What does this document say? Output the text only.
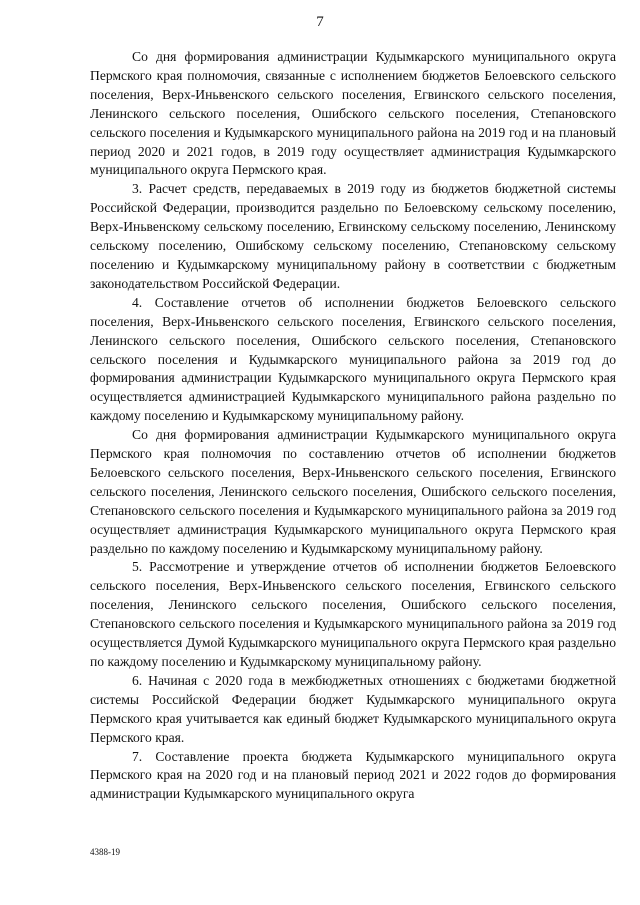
7

Со дня формирования администрации Кудымкарского муниципального округа Пермского края полномочия, связанные с исполнением бюджетов Белоевского сельского поселения, Верх-Иньвенского сельского поселения, Егвинского сельского поселения, Ленинского сельского поселения, Ошибского сельского поселения, Степановского сельского поселения и Кудымкарского муниципального района на 2019 год и на плановый период 2020 и 2021 годов, в 2019 году осуществляет администрация Кудымкарского муниципального округа Пермского края.

3. Расчет средств, передаваемых в 2019 году из бюджетов бюджетной системы Российской Федерации, производится раздельно по Белоевскому сельскому поселению, Верх-Иньвенскому сельскому поселению, Егвинскому сельскому поселению, Ленинскому сельскому поселению, Ошибскому сельскому поселению, Степановскому сельскому поселению и Кудымкарскому муниципальному району в соответствии с бюджетным законодательством Российской Федерации.

4. Составление отчетов об исполнении бюджетов Белоевского сельского поселения, Верх-Иньвенского сельского поселения, Егвинского сельского поселения, Ленинского сельского поселения, Ошибского сельского поселения, Степановского сельского поселения и Кудымкарского муниципального района за 2019 год до формирования администрации Кудымкарского муниципального округа Пермского края осуществляется администрацией Кудымкарского муниципального района раздельно по каждому поселению и Кудымкарскому муниципальному району.

Со дня формирования администрации Кудымкарского муниципального округа Пермского края полномочия по составлению отчетов об исполнении бюджетов Белоевского сельского поселения, Верх-Иньвенского сельского поселения, Егвинского сельского поселения, Ленинского сельского поселения, Ошибского сельского поселения, Степановского сельского поселения и Кудымкарского муниципального района за 2019 год осуществляет администрация Кудымкарского муниципального округа Пермского края раздельно по каждому поселению и Кудымкарскому муниципальному району.

5. Рассмотрение и утверждение отчетов об исполнении бюджетов Белоевского сельского поселения, Верх-Иньвенского сельского поселения, Егвинского сельского поселения, Ленинского сельского поселения, Ошибского сельского поселения, Степановского сельского поселения и Кудымкарского муниципального района за 2019 год осуществляется Думой Кудымкарского муниципального округа Пермского края раздельно по каждому поселению и Кудымкарскому муниципальному району.

6. Начиная с 2020 года в межбюджетных отношениях с бюджетами бюджетной системы Российской Федерации бюджет Кудымкарского муниципального округа Пермского края учитывается как единый бюджет Кудымкарского муниципального округа Пермского края.

7. Составление проекта бюджета Кудымкарского муниципального округа Пермского края на 2020 год и на плановый период 2021 и 2022 годов до формирования администрации Кудымкарского муниципального округа

4388-19
